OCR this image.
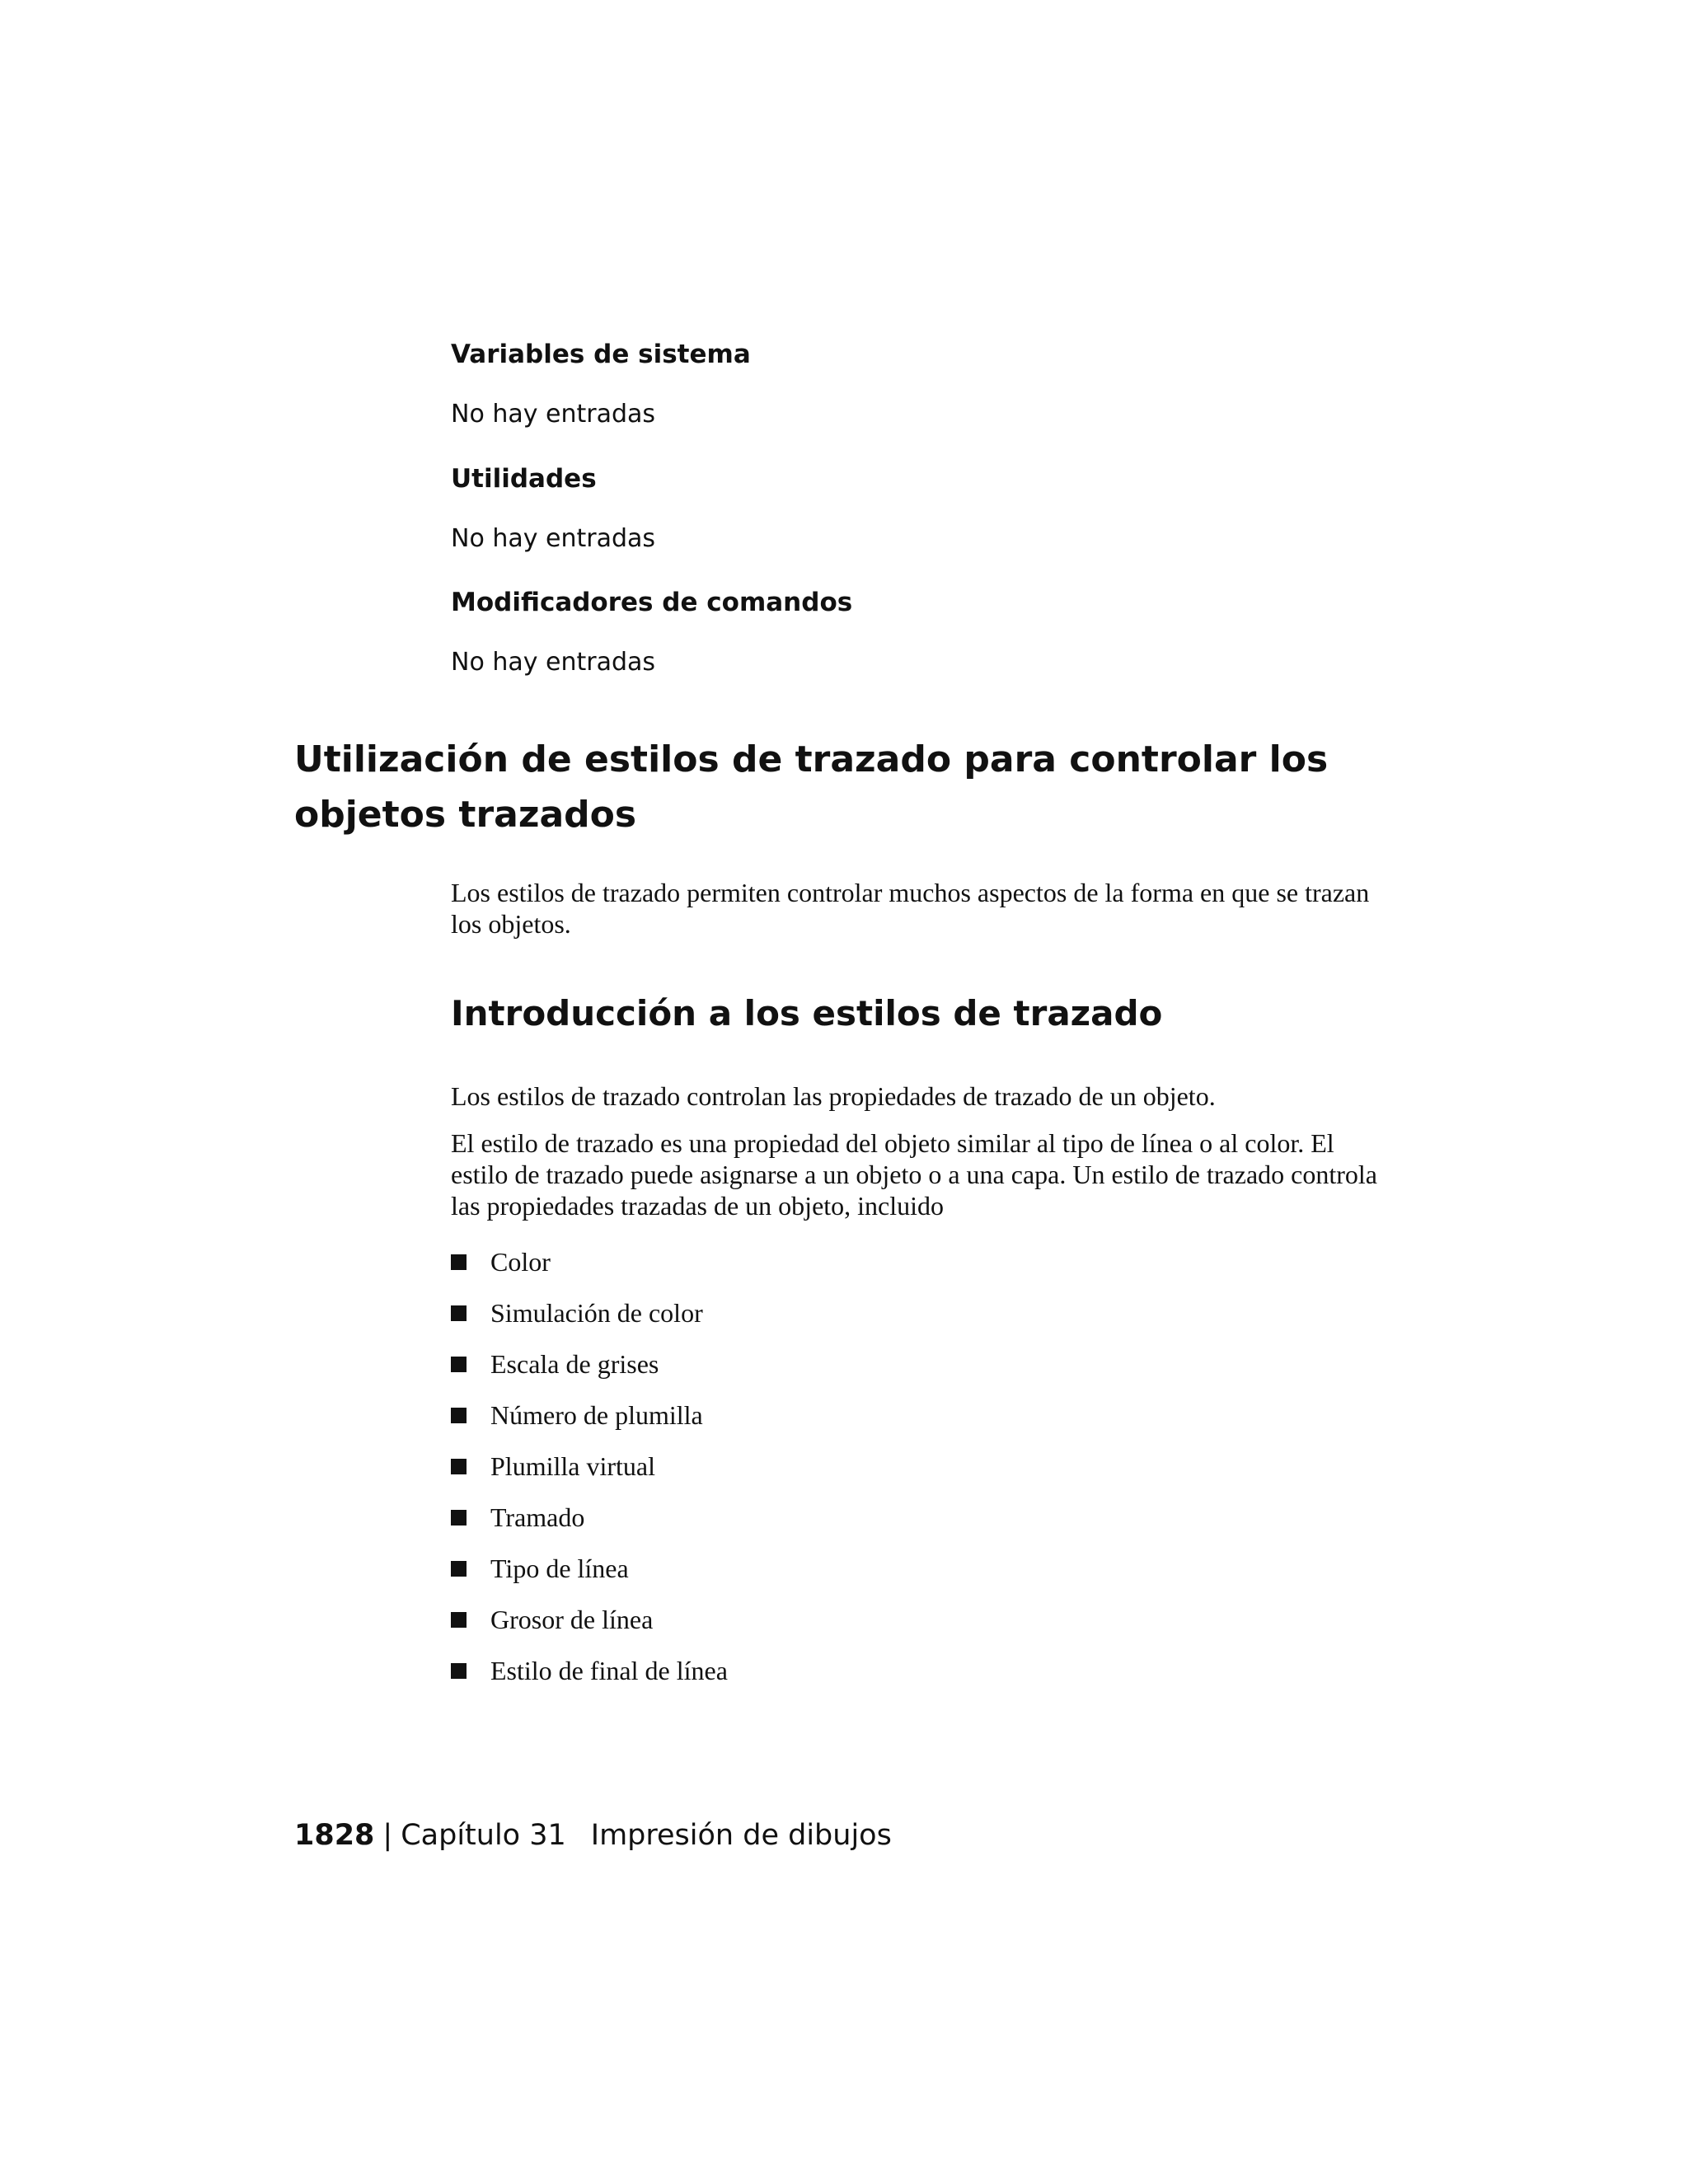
Variables de sistema
No hay entradas
Utilidades
No hay entradas
Modificadores de comandos
No hay entradas
Utilización de estilos de trazado para controlar los objetos trazados
Los estilos de trazado permiten controlar muchos aspectos de la forma en que se trazan los objetos.
Introducción a los estilos de trazado
Los estilos de trazado controlan las propiedades de trazado de un objeto.
El estilo de trazado es una propiedad del objeto similar al tipo de línea o al color. El estilo de trazado puede asignarse a un objeto o a una capa. Un estilo de trazado controla las propiedades trazadas de un objeto, incluido
Color
Simulación de color
Escala de grises
Número de plumilla
Plumilla virtual
Tramado
Tipo de línea
Grosor de línea
Estilo de final de línea
1828 | Capítulo 31 Impresión de dibujos
